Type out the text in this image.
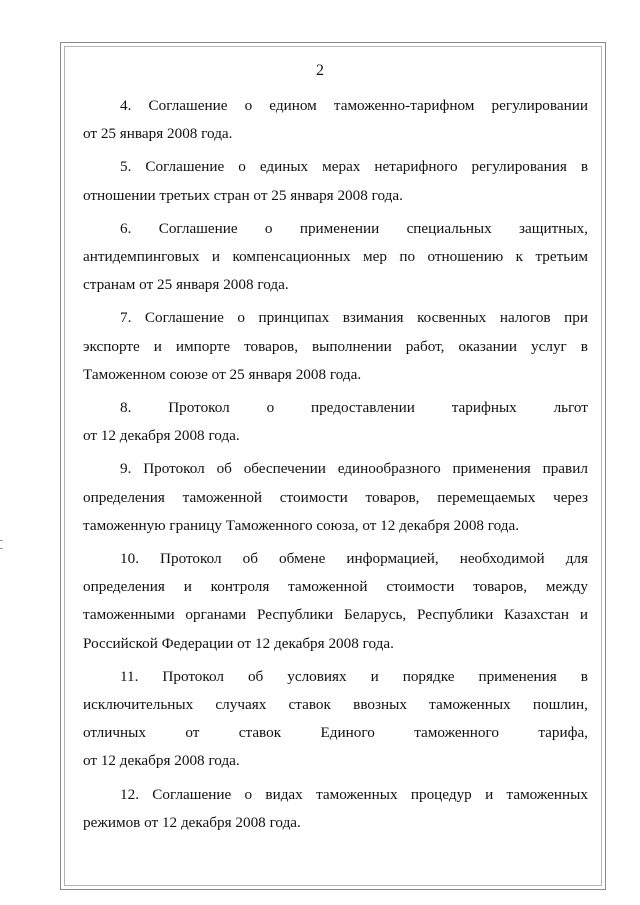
2
4. Соглашение о едином таможенно-тарифном регулировании
от 25 января 2008 года.
5. Соглашение о единых мерах нетарифного регулирования в
отношении третьих стран от 25 января 2008 года.
6. Соглашение о применении специальных защитных,
антидемпинговых и компенсационных мер по отношению к третьим
странам от 25 января 2008 года.
7. Соглашение о принципах взимания косвенных налогов при
экспорте и импорте товаров, выполнении работ, оказании услуг в
Таможенном союзе от 25 января 2008 года.
8. Протокол о предоставлении тарифных льгот
от 12 декабря 2008 года.
9. Протокол об обеспечении единообразного применения правил
определения таможенной стоимости товаров, перемещаемых через
таможенную границу Таможенного союза, от 12 декабря 2008 года.
10. Протокол об обмене информацией, необходимой для
определения и контроля таможенной стоимости товаров, между
таможенными органами Республики Беларусь, Республики Казахстан и
Российской Федерации от 12 декабря 2008 года.
11. Протокол об условиях и порядке применения в
исключительных случаях ставок ввозных таможенных пошлин,
отличных	от	ставок	Единого	таможенного	тарифа,
от 12 декабря 2008 года.
12. Соглашение о видах таможенных процедур и таможенных
режимов от 12 декабря 2008 года.
